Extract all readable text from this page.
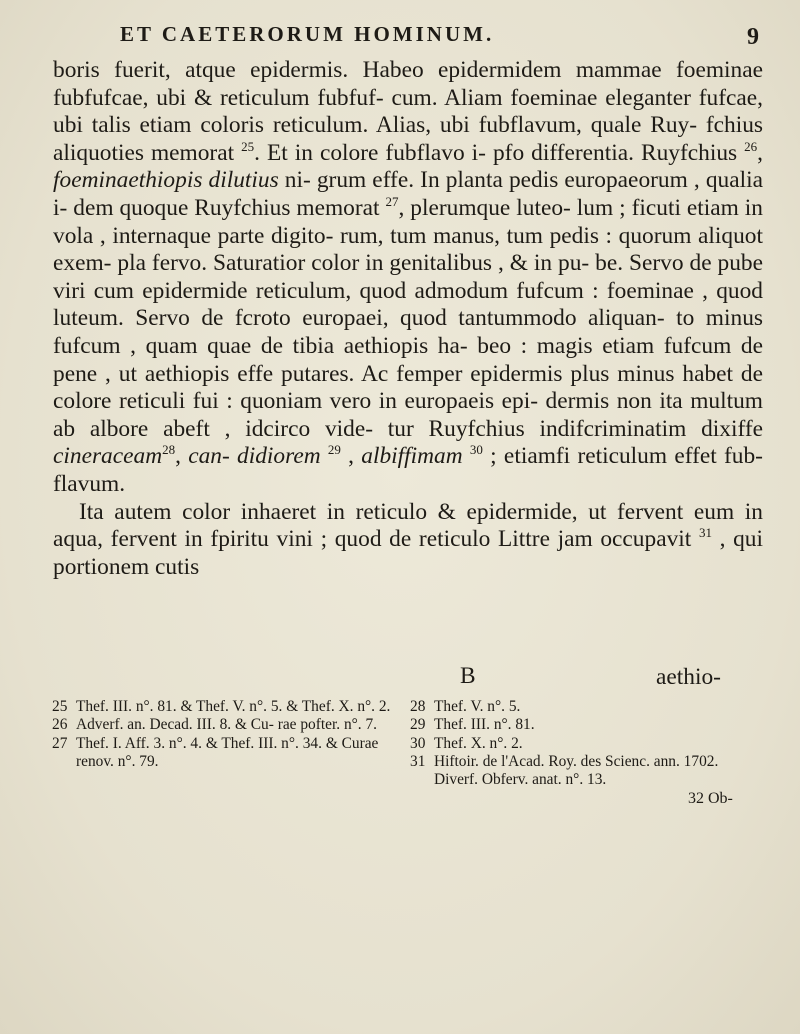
ET CAETERORUM HOMINUM.	9

boris fuerit, atque epidermis. Habeo epidermidem mammae foeminae fubfufcae, ubi & reticulum fubfuf- cum. Aliam foeminae eleganter fufcae, ubi talis etiam coloris reticulum. Alias, ubi fubflavum, quale Ruy- fchius aliquoties memorat $^{25}$. Et in colore fubflavo i- pfo differentia. Ruyfchius $^{26}$, foeminaethiopis dilutius ni- grum effe. In planta pedis europaeorum , qualia i- dem quoque Ruyfchius memorat $^{27}$, plerumque luteo- lum ; ficuti etiam in vola , internaque parte digito- rum, tum manus, tum pedis : quorum aliquot exem- pla fervo. Saturatior color in genitalibus , & in pu- be. Servo de pube viri cum epidermide reticulum, quod admodum fufcum : foeminae , quod luteum. Servo de fcroto europaei, quod tantummodo aliquan- to minus fufcum , quam quae de tibia aethiopis ha- beo : magis etiam fufcum de pene , ut aethiopis effe putares. Ac femper epidermis plus minus habet de colore reticuli fui : quoniam vero in europaeis epi- dermis non ita multum ab albore abeft , idcirco vide- tur Ruyfchius indifcriminatim dixiffe cineraceam$^{28}$, can- didiorem $^{29}$ , albiffimam $^{30}$ ; etiamfi reticulum effet fub- flavum.

Ita autem color inhaeret in reticulo & epidermide, ut fervent eum in aqua, fervent in fpiritu vini ; quod de reticulo Littre jam occupavit $^{31}$ , qui portionem cutis

B	aethio-

25 Thef. III. n°. 81. & Thef. V. n°. 5. & Thef. X. n°. 2.

26 Adverf. an. Decad. III. 8. & Cu- rae pofter. n°. 7.

27 Thef. I. Aff. 3. n°. 4. & Thef. III. n°. 34. & Curae renov. n°. 79.

28 Thef. V. n°. 5.

29 Thef. III. n°. 81.

30 Thef. X. n°. 2.

31 Hiftoir. de l'Acad. Roy. des Scienc. ann. 1702. Diverf. Obferv. anat. n°. 13.

32 Ob-
